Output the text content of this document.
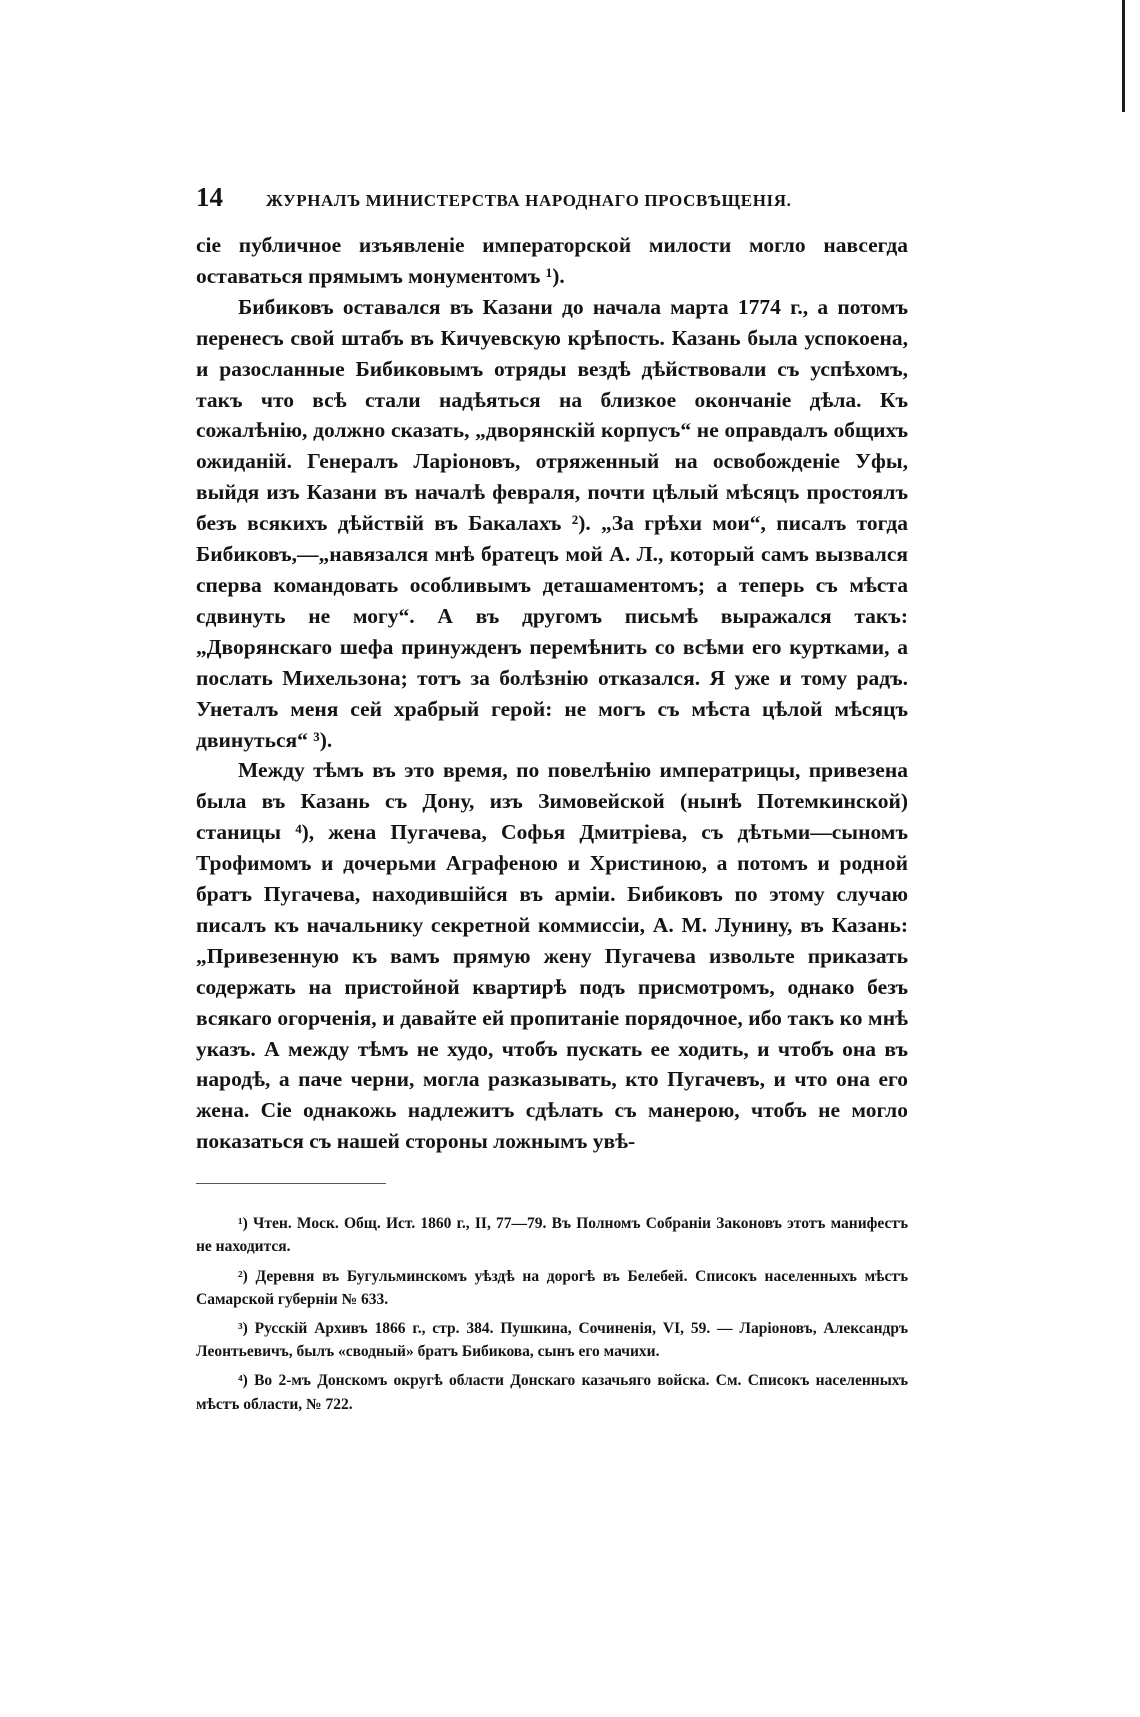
14	ЖУРНАЛЪ МИНИСТЕРСТВА НАРОДНАГО ПРОСВѢЩЕНІЯ.

сіе публичное изъявленіе императорской милости могло навсегда оставаться прямымъ монументомъ ¹).

Бибиковъ оставался въ Казани до начала марта 1774 г., а потомъ перенесъ свой штабъ въ Кичуевскую крѣпость. Казань была успокоена, и разосланные Бибиковымъ отряды вездѣ дѣйствовали съ успѣхомъ, такъ что всѣ стали надѣяться на близкое окончаніе дѣла. Къ сожалѣнію, должно сказать, „дворянскій корпусъ“ не оправдалъ общихъ ожиданій. Генералъ Ларіоновъ, отряженный на освобожденіе Уфы, выйдя изъ Казани въ началѣ февраля, почти цѣлый мѣсяцъ простоялъ безъ всякихъ дѣйствій въ Бакалахъ ²). „За грѣхи мои“, писалъ тогда Бибиковъ,—„навязался мнѣ братецъ мой А. Л., который самъ вызвался сперва командовать особливымъ деташаментомъ; а теперь съ мѣста сдвинуть не могу“. А въ другомъ письмѣ выражался такъ: „Дворянскаго шефа принужденъ перемѣнить со всѣми его куртками, а послать Михельзона; тотъ за болѣзнію отказался. Я уже и тому радъ. Унеталъ меня сей храбрый герой: не могъ съ мѣста цѣлой мѣсяцъ двинуться“ ³).

Между тѣмъ въ это время, по повелѣнію императрицы, привезена была въ Казань съ Дону, изъ Зимовейской (нынѣ Потемкинской) станицы ⁴), жена Пугачева, Софья Дмитріева, съ дѣтьми—сыномъ Трофимомъ и дочерьми Аграфеною и Христиною, а потомъ и родной братъ Пугачева, находившійся въ арміи. Бибиковъ по этому случаю писалъ къ начальнику секретной коммиссіи, А. М. Лунину, въ Казань: „Привезенную къ вамъ прямую жену Пугачева извольте приказать содержать на пристойной квартирѣ подъ присмотромъ, однако безъ всякаго огорченія, и давайте ей пропитаніе порядочное, ибо такъ ко мнѣ указъ. А между тѣмъ не худо, чтобъ пускать ее ходить, и чтобъ она въ народѣ, а паче черни, могла разказывать, кто Пугачевъ, и что она его жена. Сіе однакожь надлежитъ сдѣлать съ манерою, чтобъ не могло показаться съ нашей стороны ложнымъ увѣ-

¹) Чтен. Моск. Общ. Ист. 1860 г., II, 77—79. Въ Полномъ Собраніи Законовъ этотъ манифестъ не находится.

²) Деревня въ Бугульминскомъ уѣздѣ на дорогѣ въ Белебей. Списокъ населенныхъ мѣстъ Самарской губерніи № 633.

³) Русскій Архивъ 1866 г., стр. 384. Пушкина, Сочиненія, VI, 59. — Ларіоновъ, Александръ Леонтьевичъ, былъ «сводный» братъ Бибикова, сынъ его мачихи.

⁴) Во 2-мъ Донскомъ округѣ области Донскаго казачьяго войска. См. Списокъ населенныхъ мѣстъ области, № 722.
